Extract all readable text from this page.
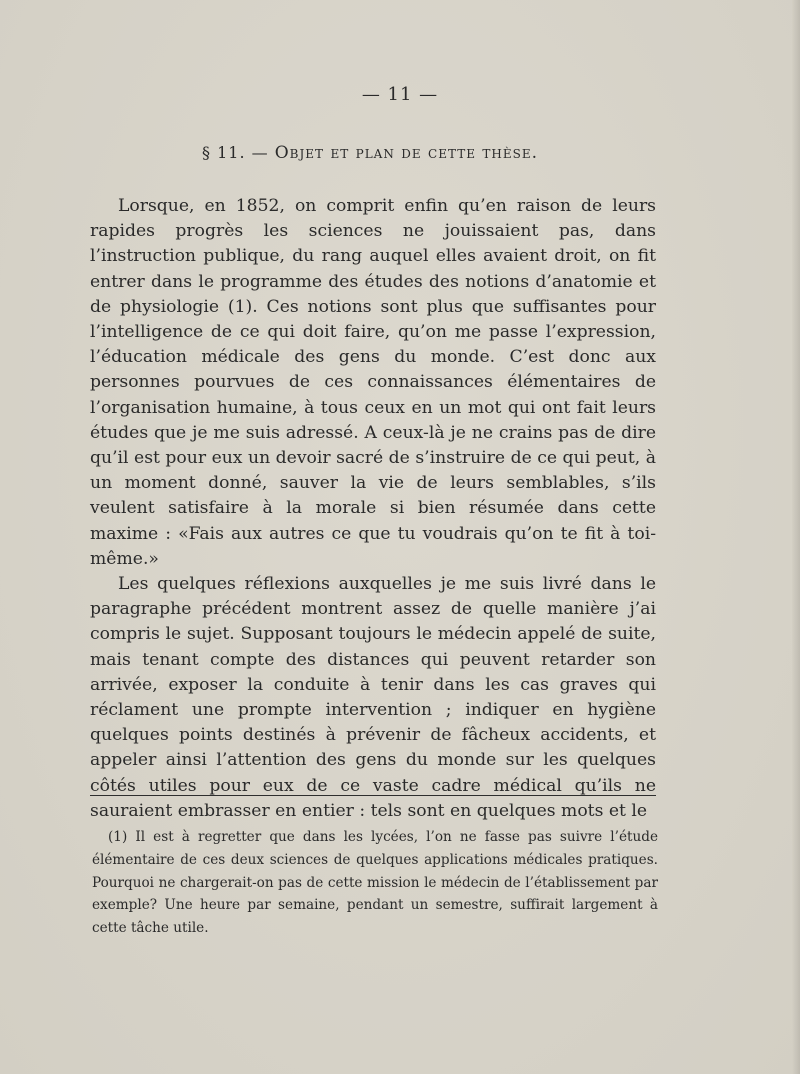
— 11 —
§ 11. — Objet et plan de cette thèse.

Lorsque, en 1852, on comprit enfin qu’en raison de leurs rapides progrès les sciences ne jouissaient pas, dans l’instruction publique, du rang auquel elles avaient droit, on fit entrer dans le programme des études des notions d’anatomie et de physiologie (1). Ces notions sont plus que suffisantes pour l’intelligence de ce qui doit faire, qu’on me passe l’expression, l’éducation médicale des gens du monde. C’est donc aux personnes pourvues de ces connaissances élémentaires de l’organisation humaine, à tous ceux en un mot qui ont fait leurs études que je me suis adressé. A ceux-là je ne crains pas de dire qu’il est pour eux un devoir sacré de s’instruire de ce qui peut, à un moment donné, sauver la vie de leurs semblables, s’ils veulent satisfaire à la morale si bien résumée dans cette maxime : «Fais aux autres ce que tu voudrais qu’on te fit à toi-même.»

Les quelques réflexions auxquelles je me suis livré dans le paragraphe précédent montrent assez de quelle manière j’ai compris le sujet. Supposant toujours le médecin appelé de suite, mais tenant compte des distances qui peuvent retarder son arrivée, exposer la conduite à tenir dans les cas graves qui réclament une prompte intervention ; indiquer en hygiène quelques points destinés à prévenir de fâcheux accidents, et appeler ainsi l’attention des gens du monde sur les quelques côtés utiles pour eux de ce vaste cadre médical qu’ils ne sauraient embrasser en entier : tels sont en quelques mots et le

(1) Il est à regretter que dans les lycées, l’on ne fasse pas suivre l’étude élémentaire de ces deux sciences de quelques applications médicales pratiques. Pourquoi ne chargerait-on pas de cette mission le médecin de l’établissement par exemple? Une heure par semaine, pendant un semestre, suffirait largement à cette tâche utile.
